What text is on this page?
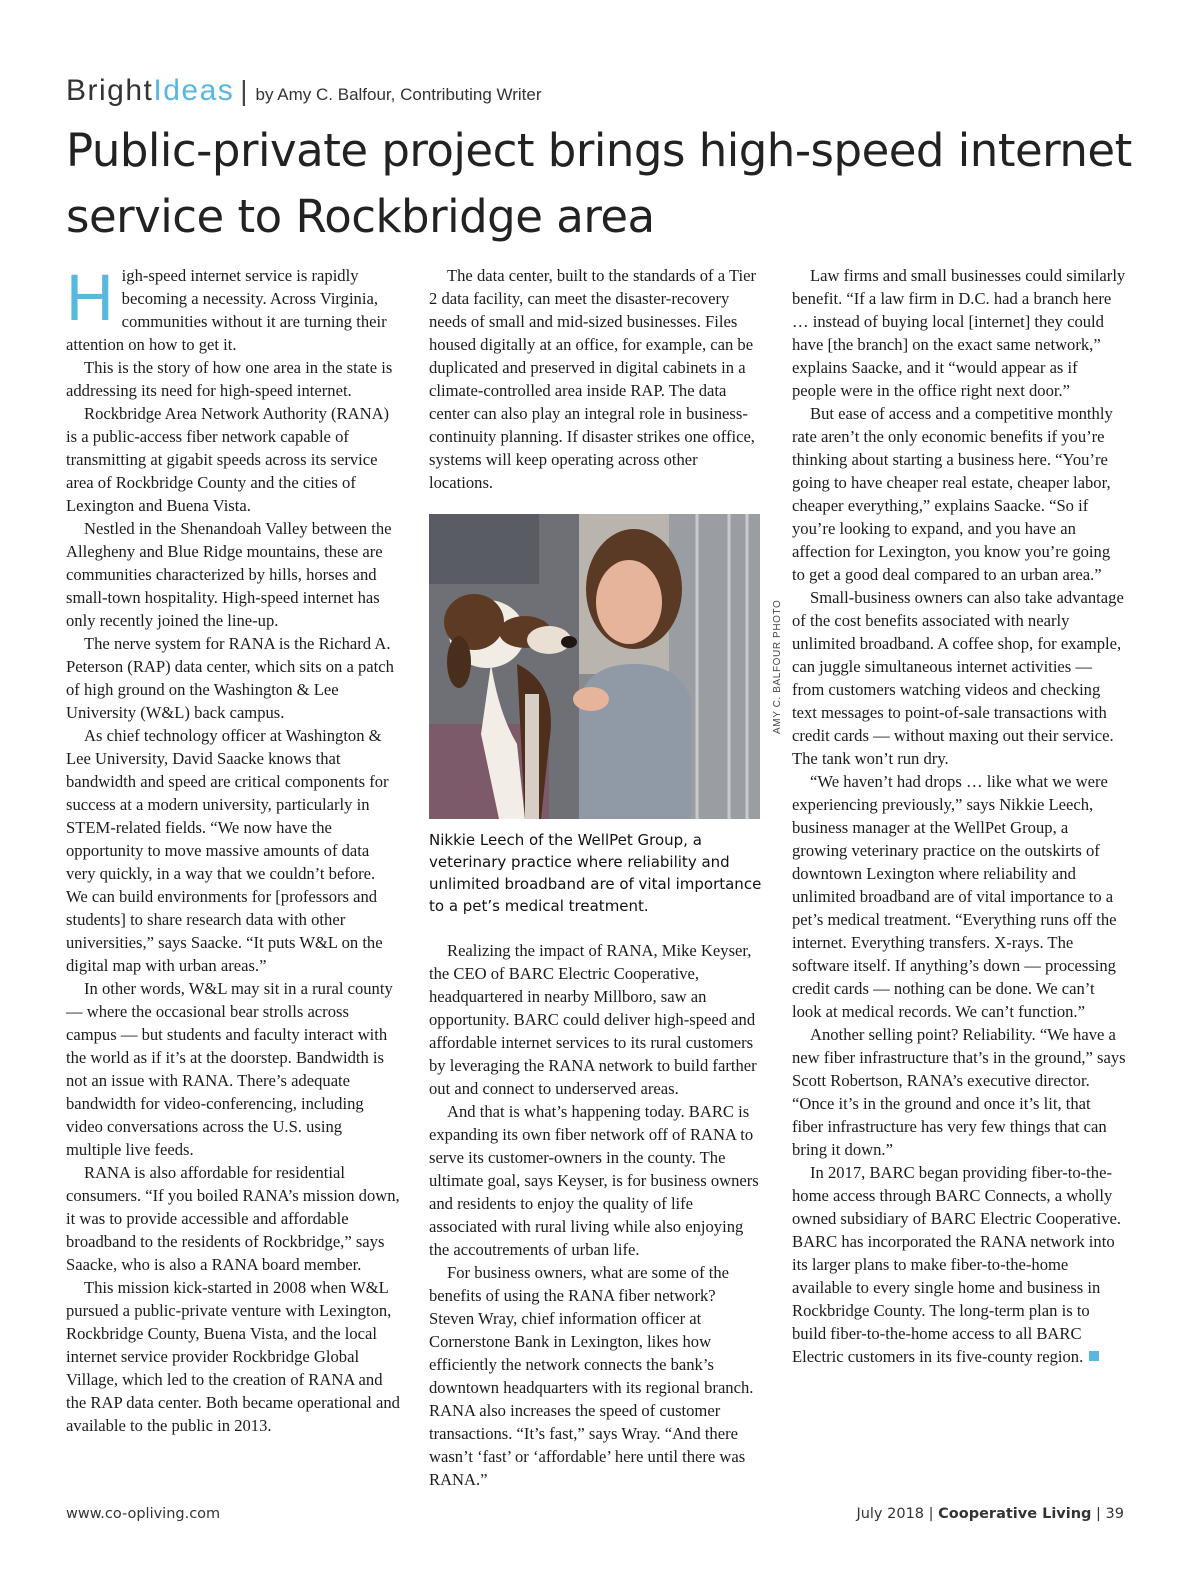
BrightIdeas | by Amy C. Balfour, Contributing Writer
Public-private project brings high-speed internet service to Rockbridge area

High-speed internet service is rapidly becoming a necessity. Across Virginia, communities without it are turning their attention on how to get it.

This is the story of how one area in the state is addressing its need for high-speed internet.

Rockbridge Area Network Authority (RANA) is a public-access fiber network capable of transmitting at gigabit speeds across its service area of Rockbridge County and the cities of Lexington and Buena Vista.

Nestled in the Shenandoah Valley between the Allegheny and Blue Ridge mountains, these are communities characterized by hills, horses and small-town hospitality. High-speed internet has only recently joined the line-up.

The nerve system for RANA is the Richard A. Peterson (RAP) data center, which sits on a patch of high ground on the Washington & Lee University (W&L) back campus.

As chief technology officer at Washington & Lee University, David Saacke knows that bandwidth and speed are critical components for success at a modern university, particularly in STEM-related fields. “We now have the opportunity to move massive amounts of data very quickly, in a way that we couldn’t before. We can build environments for [professors and students] to share research data with other universities,” says Saacke. “It puts W&L on the digital map with urban areas.”

In other words, W&L may sit in a rural county — where the occasional bear strolls across campus — but students and faculty interact with the world as if it’s at the doorstep. Bandwidth is not an issue with RANA. There’s adequate bandwidth for video-conferencing, including video conversations across the U.S. using multiple live feeds.

RANA is also affordable for residential consumers. “If you boiled RANA’s mission down, it was to provide accessible and affordable broadband to the residents of Rockbridge,” says Saacke, who is also a RANA board member.

This mission kick-started in 2008 when W&L pursued a public-private venture with Lexington, Rockbridge County, Buena Vista, and the local internet service provider Rockbridge Global Village, which led to the creation of RANA and the RAP data center. Both became operational and available to the public in 2013.

The data center, built to the standards of a Tier 2 data facility, can meet the disaster-recovery needs of small and mid-sized businesses. Files housed digitally at an office, for example, can be duplicated and preserved in digital cabinets in a climate-controlled area inside RAP. The data center can also play an integral role in business-continuity planning. If disaster strikes one office, systems will keep operating across other locations.

AMY C. BALFOUR PHOTO
Nikkie Leech of the WellPet Group, a veterinary practice where reliability and unlimited broadband are of vital importance to a pet’s medical treatment.

Realizing the impact of RANA, Mike Keyser, the CEO of BARC Electric Cooperative, headquartered in nearby Millboro, saw an opportunity. BARC could deliver high-speed and affordable internet services to its rural customers by leveraging the RANA network to build farther out and connect to underserved areas.

And that is what’s happening today. BARC is expanding its own fiber network off of RANA to serve its customer-owners in the county. The ultimate goal, says Keyser, is for business owners and residents to enjoy the quality of life associated with rural living while also enjoying the accoutrements of urban life.

For business owners, what are some of the benefits of using the RANA fiber network? Steven Wray, chief information officer at Cornerstone Bank in Lexington, likes how efficiently the network connects the bank’s downtown headquarters with its regional branch. RANA also increases the speed of customer transactions. “It’s fast,” says Wray. “And there wasn’t ‘fast’ or ‘affordable’ here until there was RANA.”

Law firms and small businesses could similarly benefit. “If a law firm in D.C. had a branch here … instead of buying local [internet] they could have [the branch] on the exact same network,” explains Saacke, and it “would appear as if people were in the office right next door.”

But ease of access and a competitive monthly rate aren’t the only economic benefits if you’re thinking about starting a business here. “You’re going to have cheaper real estate, cheaper labor, cheaper everything,” explains Saacke. “So if you’re looking to expand, and you have an affection for Lexington, you know you’re going to get a good deal compared to an urban area.”

Small-business owners can also take advantage of the cost benefits associated with nearly unlimited broadband. A coffee shop, for example, can juggle simultaneous internet activities — from customers watching videos and checking text messages to point-of-sale transactions with credit cards — without maxing out their service. The tank won’t run dry.

“We haven’t had drops … like what we were experiencing previously,” says Nikkie Leech, business manager at the WellPet Group, a growing veterinary practice on the outskirts of downtown Lexington where reliability and unlimited broadband are of vital importance to a pet’s medical treatment. “Everything runs off the internet. Everything transfers. X-rays. The software itself. If anything’s down — processing credit cards — nothing can be done. We can’t look at medical records. We can’t function.”

Another selling point? Reliability. “We have a new fiber infrastructure that’s in the ground,” says Scott Robertson, RANA’s executive director. “Once it’s in the ground and once it’s lit, that fiber infrastructure has very few things that can bring it down.”

In 2017, BARC began providing fiber-to-the-home access through BARC Connects, a wholly owned subsidiary of BARC Electric Cooperative. BARC has incorporated the RANA network into its larger plans to make fiber-to-the-home available to every single home and business in Rockbridge County. The long-term plan is to build fiber-to-the-home access to all BARC Electric customers in its five-county region.

www.co-opliving.com	July 2018 | Cooperative Living | 39
